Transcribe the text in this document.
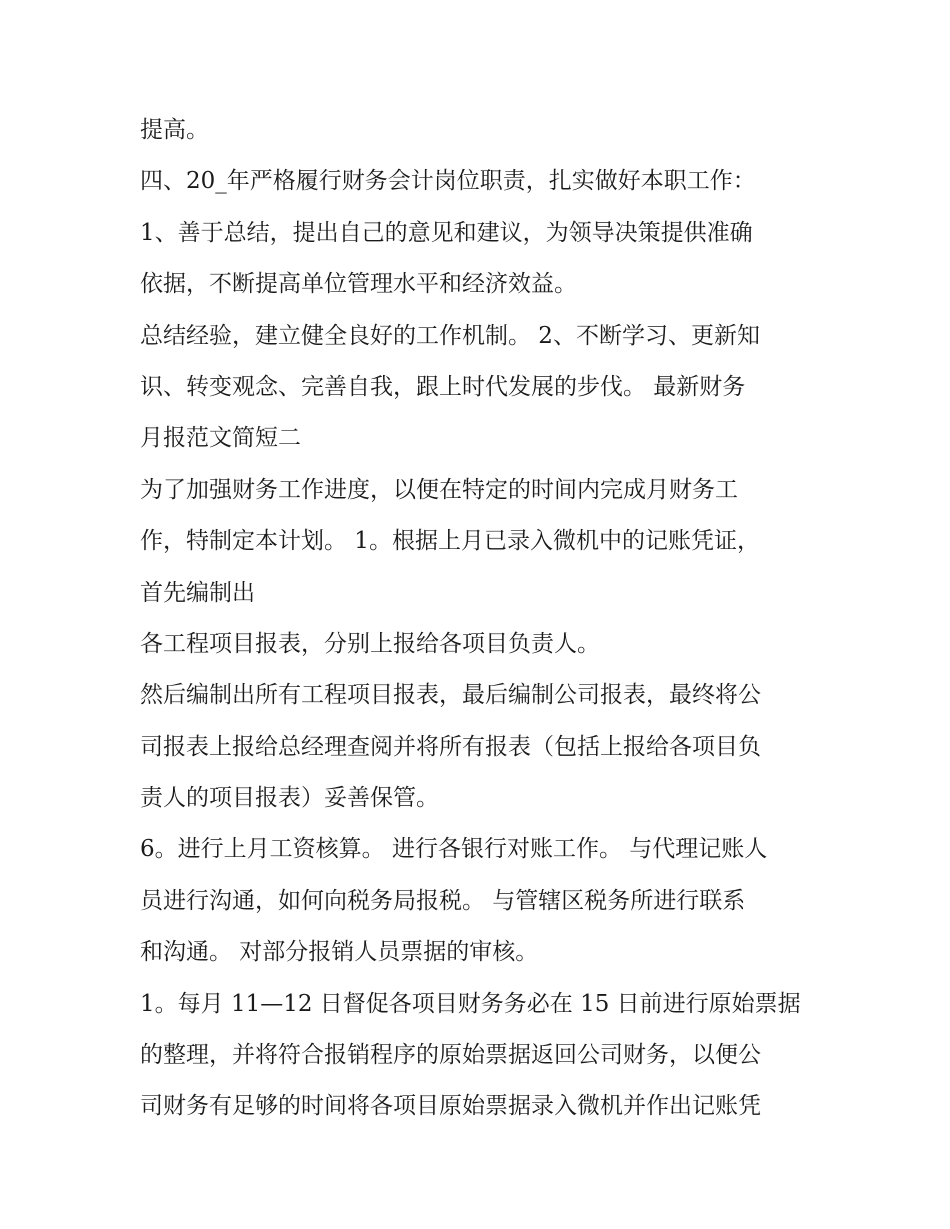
提高。
四、20_年严格履行财务会计岗位职责，扎实做好本职工作：
1、善于总结，提出自己的意见和建议，为领导决策提供准确
依据，不断提高单位管理水平和经济效益。
总结经验，建立健全良好的工作机制。 2、不断学习、更新知
识、转变观念、完善自我，跟上时代发展的步伐。 最新财务
月报范文简短二
为了加强财务工作进度，以便在特定的时间内完成月财务工
作，特制定本计划。 1。根据上月已录入微机中的记账凭证，
首先编制出
各工程项目报表，分别上报给各项目负责人。
然后编制出所有工程项目报表，最后编制公司报表，最终将公
司报表上报给总经理查阅并将所有报表（包括上报给各项目负
责人的项目报表）妥善保管。
6。进行上月工资核算。 进行各银行对账工作。 与代理记账人
员进行沟通，如何向税务局报税。 与管辖区税务所进行联系
和沟通。 对部分报销人员票据的审核。
1。每月 11—12 日督促各项目财务务必在 15 日前进行原始票据
的整理，并将符合报销程序的原始票据返回公司财务，以便公
司财务有足够的时间将各项目原始票据录入微机并作出记账凭
